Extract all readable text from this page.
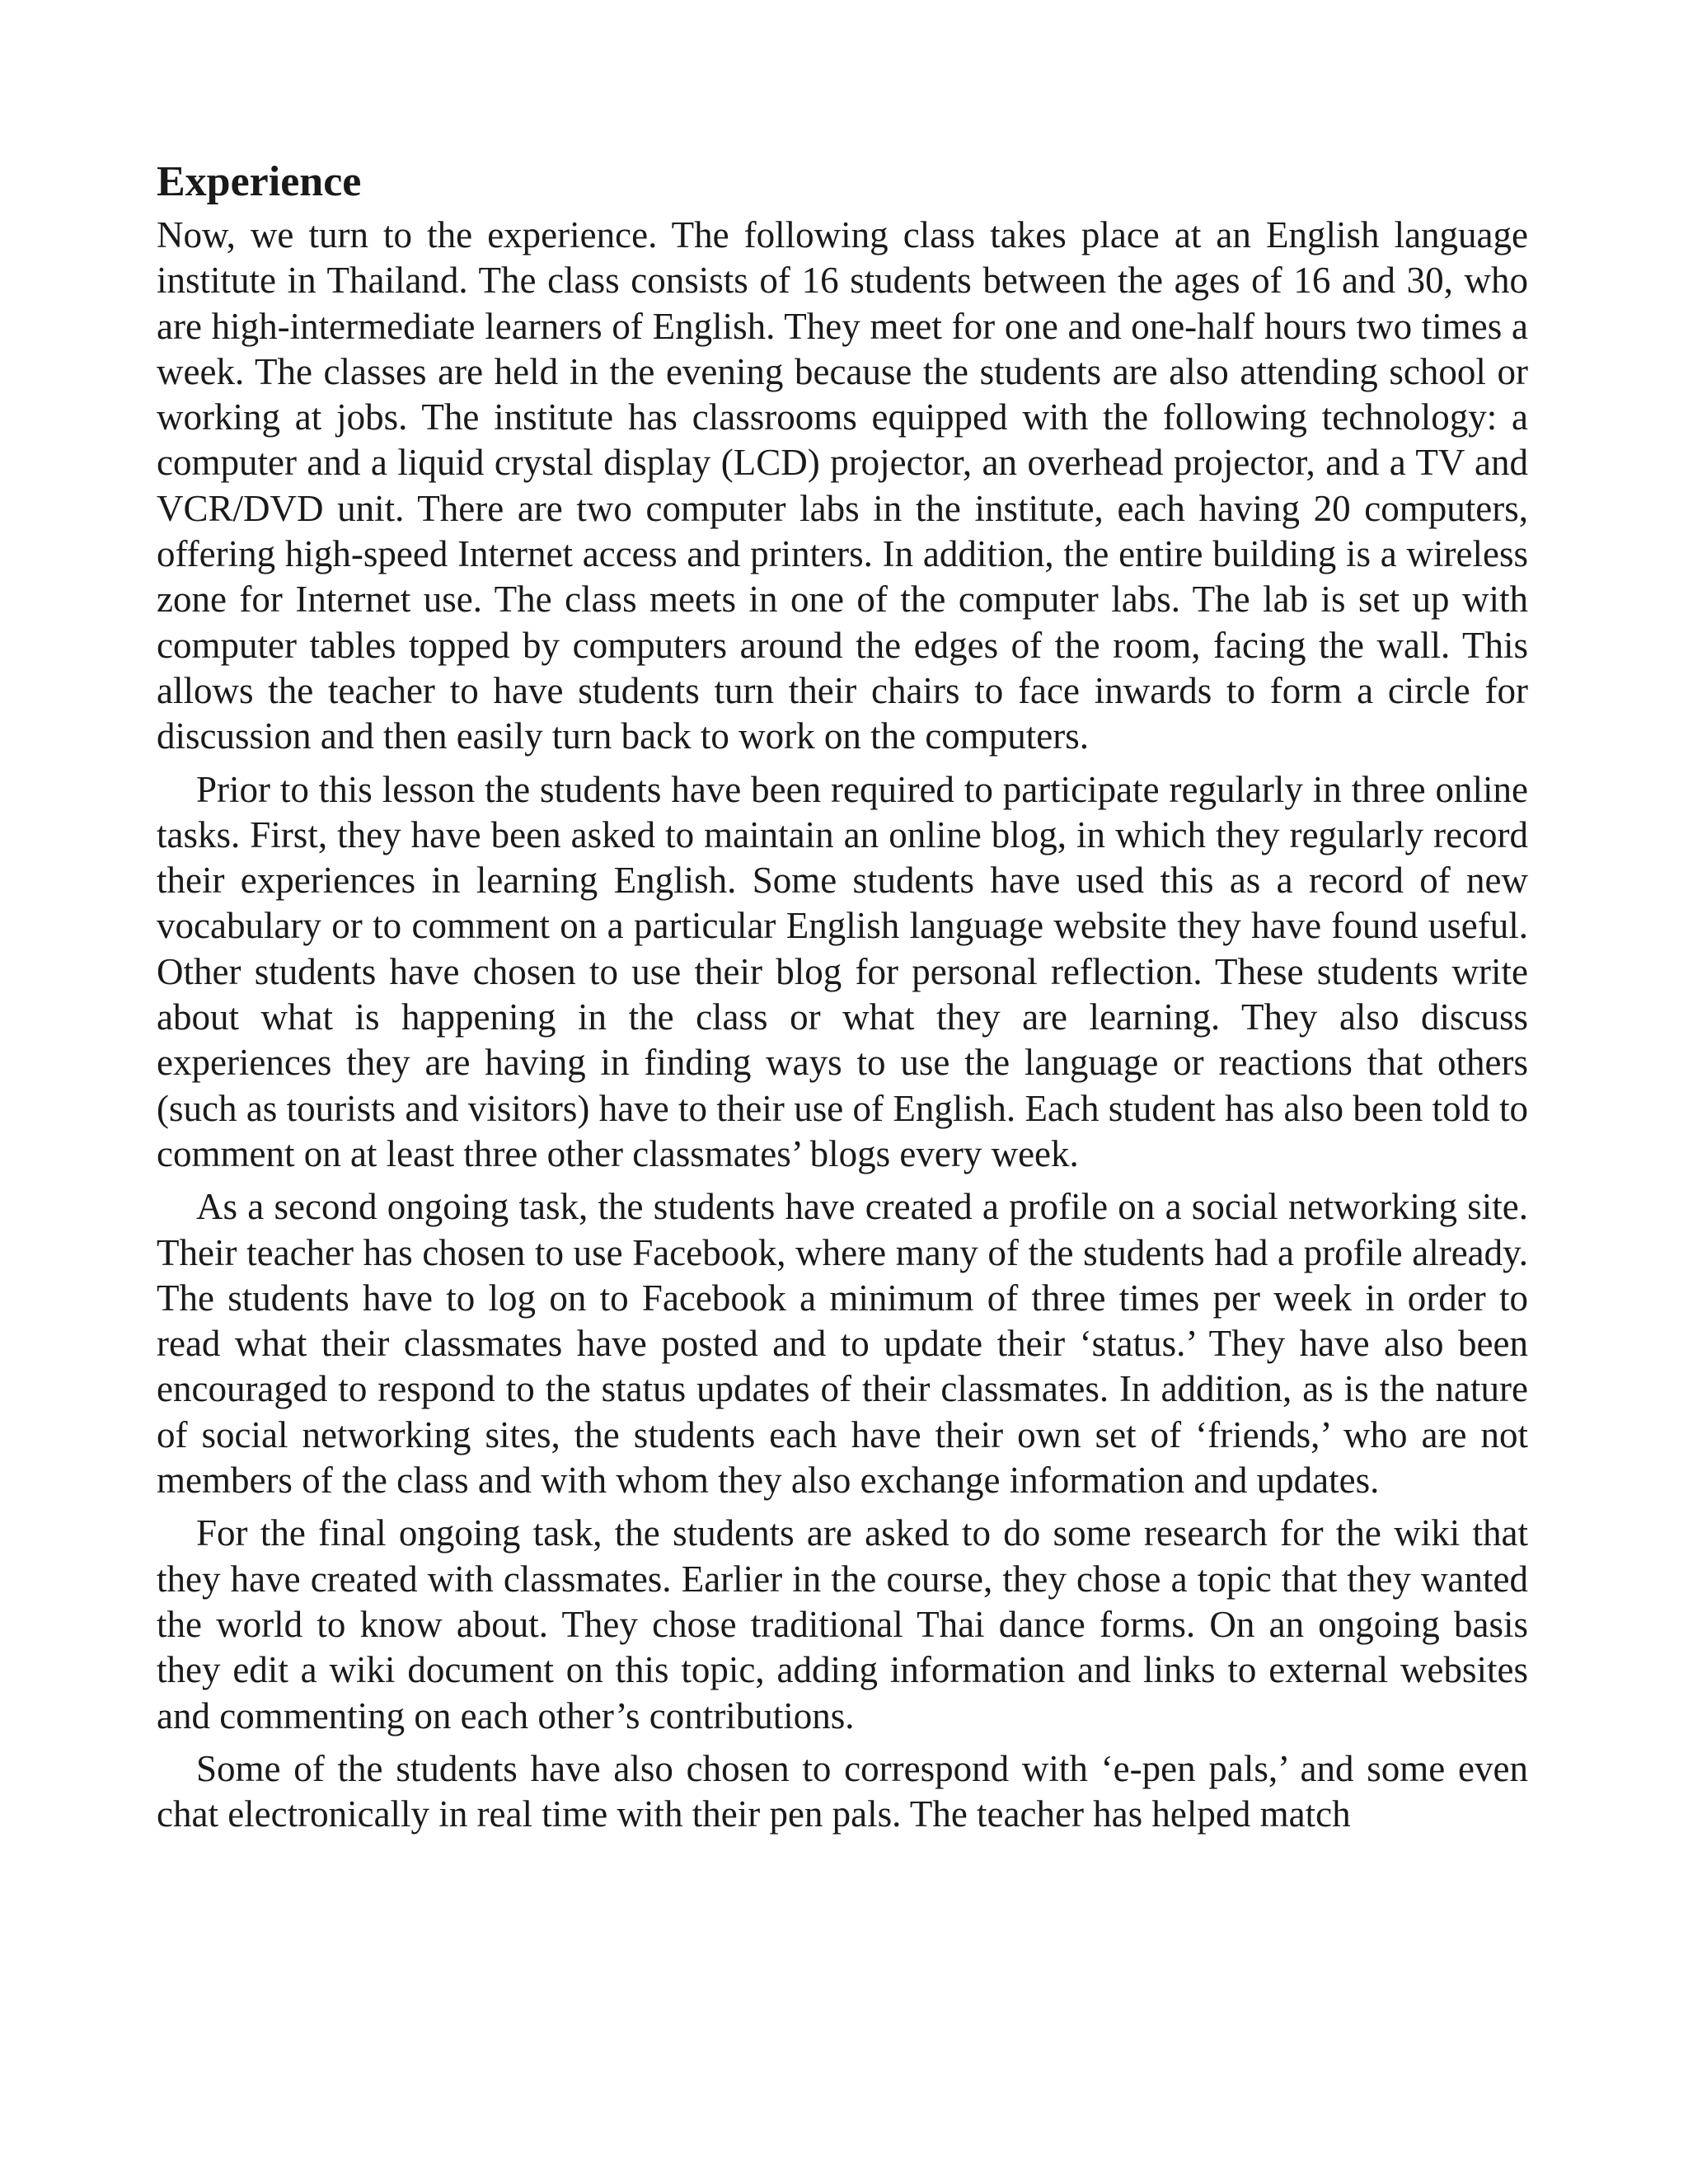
Experience

Now, we turn to the experience. The following class takes place at an English language institute in Thailand. The class consists of 16 students between the ages of 16 and 30, who are high-intermediate learners of English. They meet for one and one-half hours two times a week. The classes are held in the evening because the students are also attending school or working at jobs. The institute has classrooms equipped with the following technology: a computer and a liquid crystal display (LCD) projector, an overhead projector, and a TV and VCR/DVD unit. There are two computer labs in the institute, each having 20 computers, offering high-speed Internet access and printers. In addition, the entire building is a wireless zone for Internet use. The class meets in one of the computer labs. The lab is set up with computer tables topped by computers around the edges of the room, facing the wall. This allows the teacher to have students turn their chairs to face inwards to form a circle for discussion and then easily turn back to work on the computers.

Prior to this lesson the students have been required to participate regularly in three online tasks. First, they have been asked to maintain an online blog, in which they regularly record their experiences in learning English. Some students have used this as a record of new vocabulary or to comment on a particular English language website they have found useful. Other students have chosen to use their blog for personal reflection. These students write about what is happening in the class or what they are learning. They also discuss experiences they are having in finding ways to use the language or reactions that others (such as tourists and visitors) have to their use of English. Each student has also been told to comment on at least three other classmates’ blogs every week.

As a second ongoing task, the students have created a profile on a social networking site. Their teacher has chosen to use Facebook, where many of the students had a profile already. The students have to log on to Facebook a minimum of three times per week in order to read what their classmates have posted and to update their ‘status.’ They have also been encouraged to respond to the status updates of their classmates. In addition, as is the nature of social networking sites, the students each have their own set of ‘friends,’ who are not members of the class and with whom they also exchange information and updates.

For the final ongoing task, the students are asked to do some research for the wiki that they have created with classmates. Earlier in the course, they chose a topic that they wanted the world to know about. They chose traditional Thai dance forms. On an ongoing basis they edit a wiki document on this topic, adding information and links to external websites and commenting on each other’s contributions.

Some of the students have also chosen to correspond with ‘e-pen pals,’ and some even chat electronically in real time with their pen pals. The teacher has helped match
